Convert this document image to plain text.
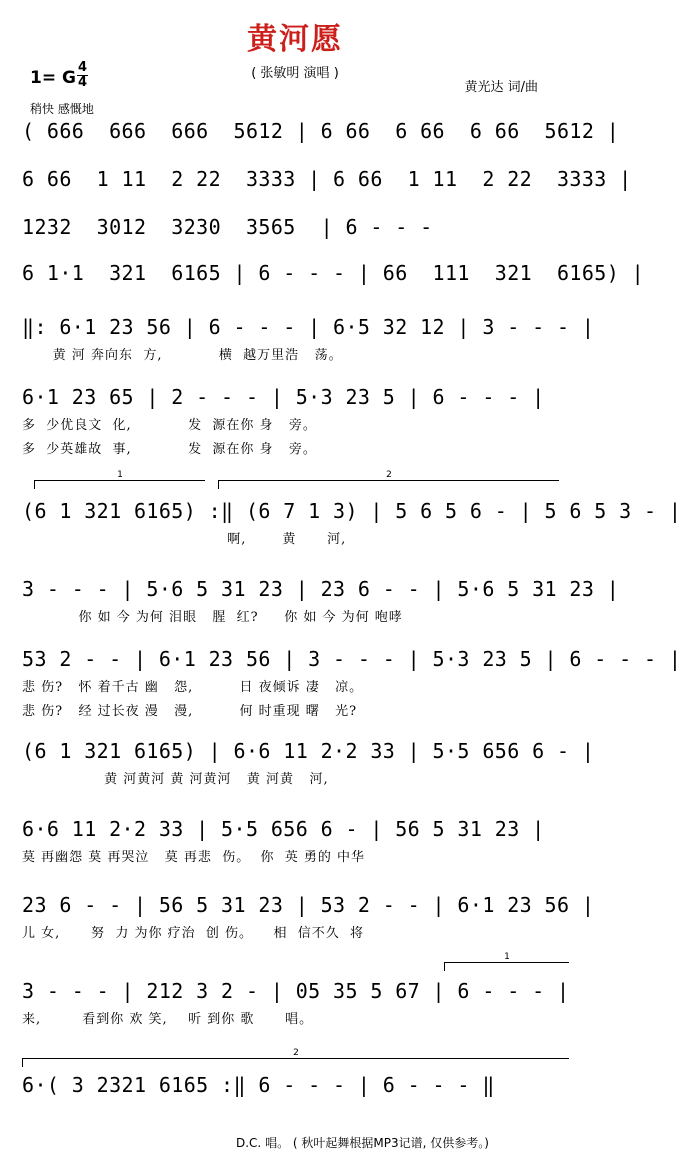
黄河愿
( 张敏明 演唱 )
黄光达 词/曲
1= G
4
4
稍快 感慨地
( 666  666  666  5612 | 6 66  6 66  6 66  5612 |
6 66  1 11  2 22  3333 | 6 66  1 11  2 22  3333 |
1232  3012  3230  3565  | 6 - - -
6 1·1  321  6165 | 6 - - - | 66  111  321  6165) |
‖: 6·1 23 56 | 6 - - - | 6·5 32 12 | 3 - - - |
黄 河 奔向东  方,           横  越万里浩   荡。
6·1 23 65 | 2 - - - | 5·3 23 5 | 6 - - - |
多  少优良文  化,           发  源在你 身   旁。
多  少英雄故  事,           发  源在你 身   旁。
1	2
(6 1 321 6165) :‖ (6 7 1 3) | 5 6 5 6 - | 5 6 5 3 - |
啊,       黄      河,
3 - - - | 5·6 5 31 23 | 23 6 - - | 5·6 5 31 23 |
你 如 今 为何 泪眼   腥  红?     你 如 今 为何 咆哮
53 2 - - | 6·1 23 56 | 3 - - - | 5·3 23 5 | 6 - - - |
悲 伤?   怀 着千古 幽   怨,         日 夜倾诉 凄   凉。
悲 伤?   经 过长夜 漫   漫,         何 时重现 曙   光?
(6 1 321 6165) | 6·6 11 2·2 33 | 5·5 656 6 - |
黄 河黄河 黄 河黄河   黄 河黄   河,
6·6 11 2·2 33 | 5·5 656 6 - | 56 5 31 23 |
莫 再幽怨 莫 再哭泣   莫 再悲  伤。  你  英 勇的 中华
23 6 - - | 56 5 31 23 | 53 2 - - | 6·1 23 56 |
儿 女,      努  力 为你 疗治  创 伤。    相  信不久  将
1
3 - - - | 212 3 2 - | 05 35 5 67 | 6 - - - |
来,        看到你 欢 笑,    听 到你 歌      唱。
2
6·( 3 2321 6165 :‖ 6 - - - | 6 - - - ‖
D.C. 唱。 ( 秋叶起舞根据MP3记谱, 仅供参考。)
